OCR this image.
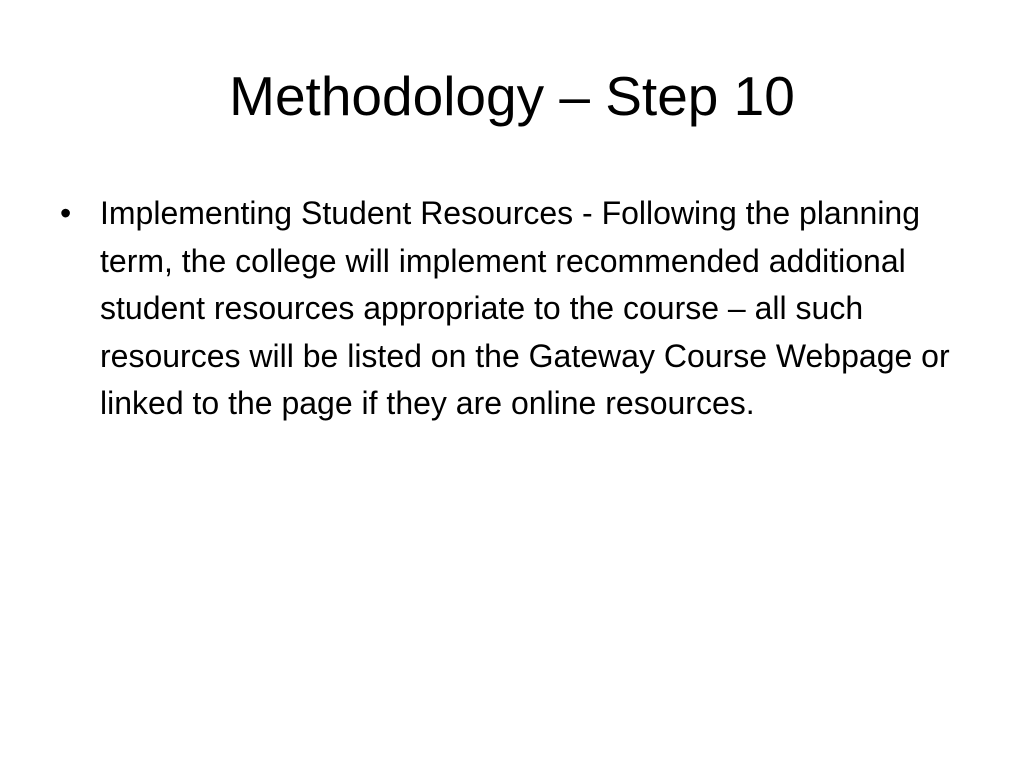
Methodology – Step 10
• Implementing Student Resources - Following the planning term, the college will implement recommended additional student resources appropriate to the course – all such resources will be listed on the Gateway Course Webpage or linked to the page if they are online resources.
